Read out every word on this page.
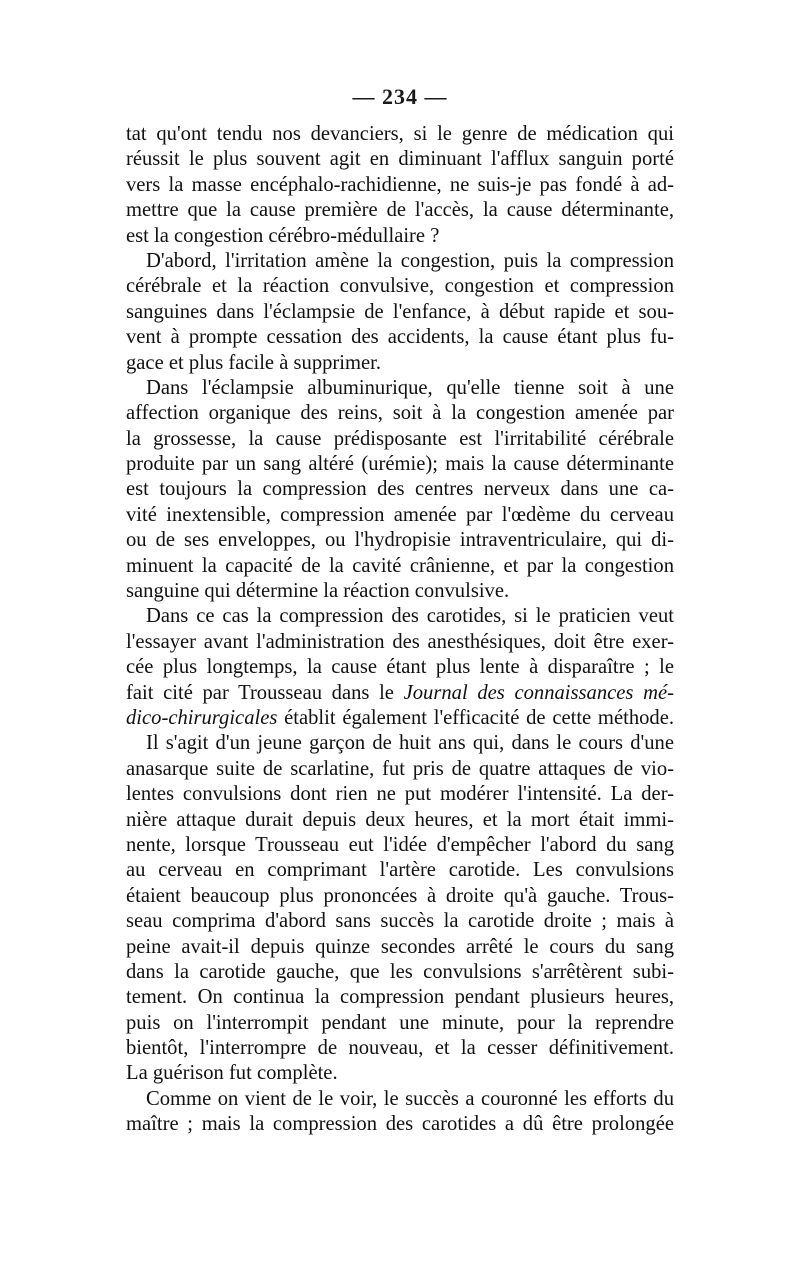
— 234 —
tat qu'ont tendu nos devanciers, si le genre de médication qui
réussit le plus souvent agit en diminuant l'afflux sanguin porté
vers la masse encéphalo-rachidienne, ne suis-je pas fondé à ad-
mettre que la cause première de l'accès, la cause déterminante,
est la congestion cérébro-médullaire ?
D'abord, l'irritation amène la congestion, puis la compression
cérébrale et la réaction convulsive, congestion et compression
sanguines dans l'éclampsie de l'enfance, à début rapide et sou-
vent à prompte cessation des accidents, la cause étant plus fu-
gace et plus facile à supprimer.
Dans l'éclampsie albuminurique, qu'elle tienne soit à une
affection organique des reins, soit à la congestion amenée par
la grossesse, la cause prédisposante est l'irritabilité cérébrale
produite par un sang altéré (urémie); mais la cause déterminante
est toujours la compression des centres nerveux dans une ca-
vité inextensible, compression amenée par l'œdème du cerveau
ou de ses enveloppes, ou l'hydropisie intraventriculaire, qui di-
minuent la capacité de la cavité crânienne, et par la congestion
sanguine qui détermine la réaction convulsive.
Dans ce cas la compression des carotides, si le praticien veut
l'essayer avant l'administration des anesthésiques, doit être exer-
cée plus longtemps, la cause étant plus lente à disparaître ; le
fait cité par Trousseau dans le Journal des connaissances mé-
dico-chirurgicales établit également l'efficacité de cette méthode.
Il s'agit d'un jeune garçon de huit ans qui, dans le cours d'une
anasarque suite de scarlatine, fut pris de quatre attaques de vio-
lentes convulsions dont rien ne put modérer l'intensité. La der-
nière attaque durait depuis deux heures, et la mort était immi-
nente, lorsque Trousseau eut l'idée d'empêcher l'abord du sang
au cerveau en comprimant l'artère carotide. Les convulsions
étaient beaucoup plus prononcées à droite qu'à gauche. Trous-
seau comprima d'abord sans succès la carotide droite ; mais à
peine avait-il depuis quinze secondes arrêté le cours du sang
dans la carotide gauche, que les convulsions s'arrêtèrent subi-
tement. On continua la compression pendant plusieurs heures,
puis on l'interrompit pendant une minute, pour la reprendre
bientôt, l'interrompre de nouveau, et la cesser définitivement.
La guérison fut complète.
Comme on vient de le voir, le succès a couronné les efforts du
maître ; mais la compression des carotides a dû être prolongée
